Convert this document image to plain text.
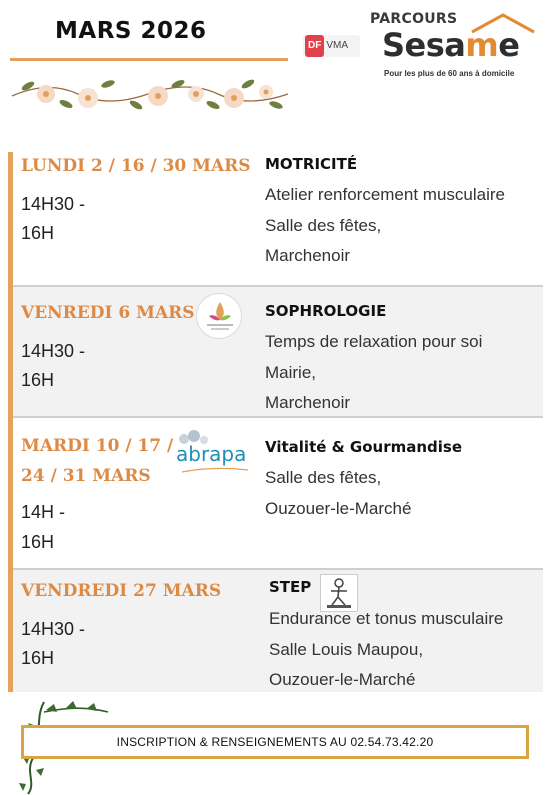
MARS 2026
DF VMA
PARCOURS
Sesame
Pour les plus de 60 ans à domicile
LUNDI 2 / 16 / 30 MARS
14H30 -
16H
MOTRICITÉ
Atelier renforcement musculaire
Salle des fêtes,
Marchenoir
VENREDI 6 MARS
14H30 -
16H
SOPHROLOGIE
Temps de relaxation pour soi
Mairie,
Marchenoir
MARDI 10 / 17 /
24 / 31 MARS
14H -
16H
abrapa Vitalité & Gourmandise
Salle des fêtes,
Ouzouer-le-Marché
VENDREDI 27 MARS
14H30 -
16H
STEP
Endurance et tonus musculaire
Salle Louis Maupou,
Ouzouer-le-Marché
INSCRIPTION & RENSEIGNEMENTS AU 02.54.73.42.20
